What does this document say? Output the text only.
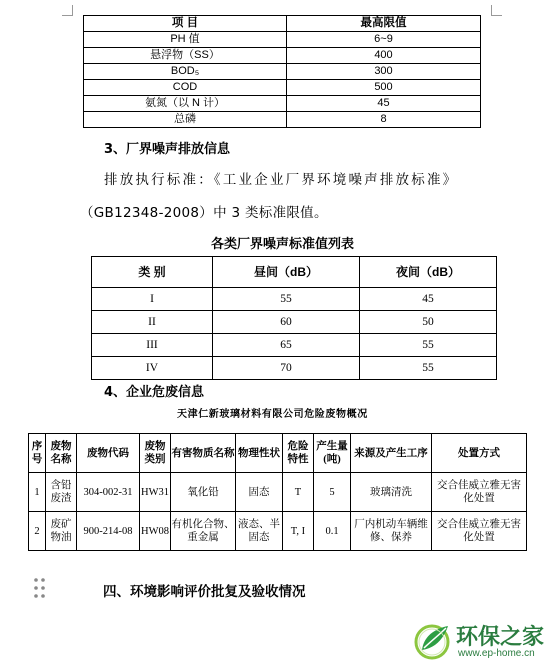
项 目	最高限值
PH 值	6~9
悬浮物（SS）	400
BOD₅	300
COD	500
氨氮（以 N 计）	45
总磷	8
3、厂界噪声排放信息
排放执行标准：《工业企业厂界环境噪声排放标准》
（GB12348-2008）中 3 类标准限值。
各类厂界噪声标准值列表
类 别	昼间（dB）	夜间（dB）
I	55	45
II	60	50
III	65	55
IV	70	55
4、企业危废信息
天津仁新玻璃材料有限公司危险废物概况
序号	废物名称	废物代码	废物类别	有害物质名称	物理性状	危险特性	产生量(吨)	来源及产生工序	处置方式
1	含铅废渣	304-002-31	HW31	氧化铅	固态	T	5	玻璃清洗	交合佳威立雅无害化处置
2	废矿物油	900-214-08	HW08	有机化合物、重金属	液态、半固态	T, I	0.1	厂内机动车辆维修、保养	交合佳威立雅无害化处置
四、环境影响评价批复及验收情况
环保之家
www.ep-home.cn
